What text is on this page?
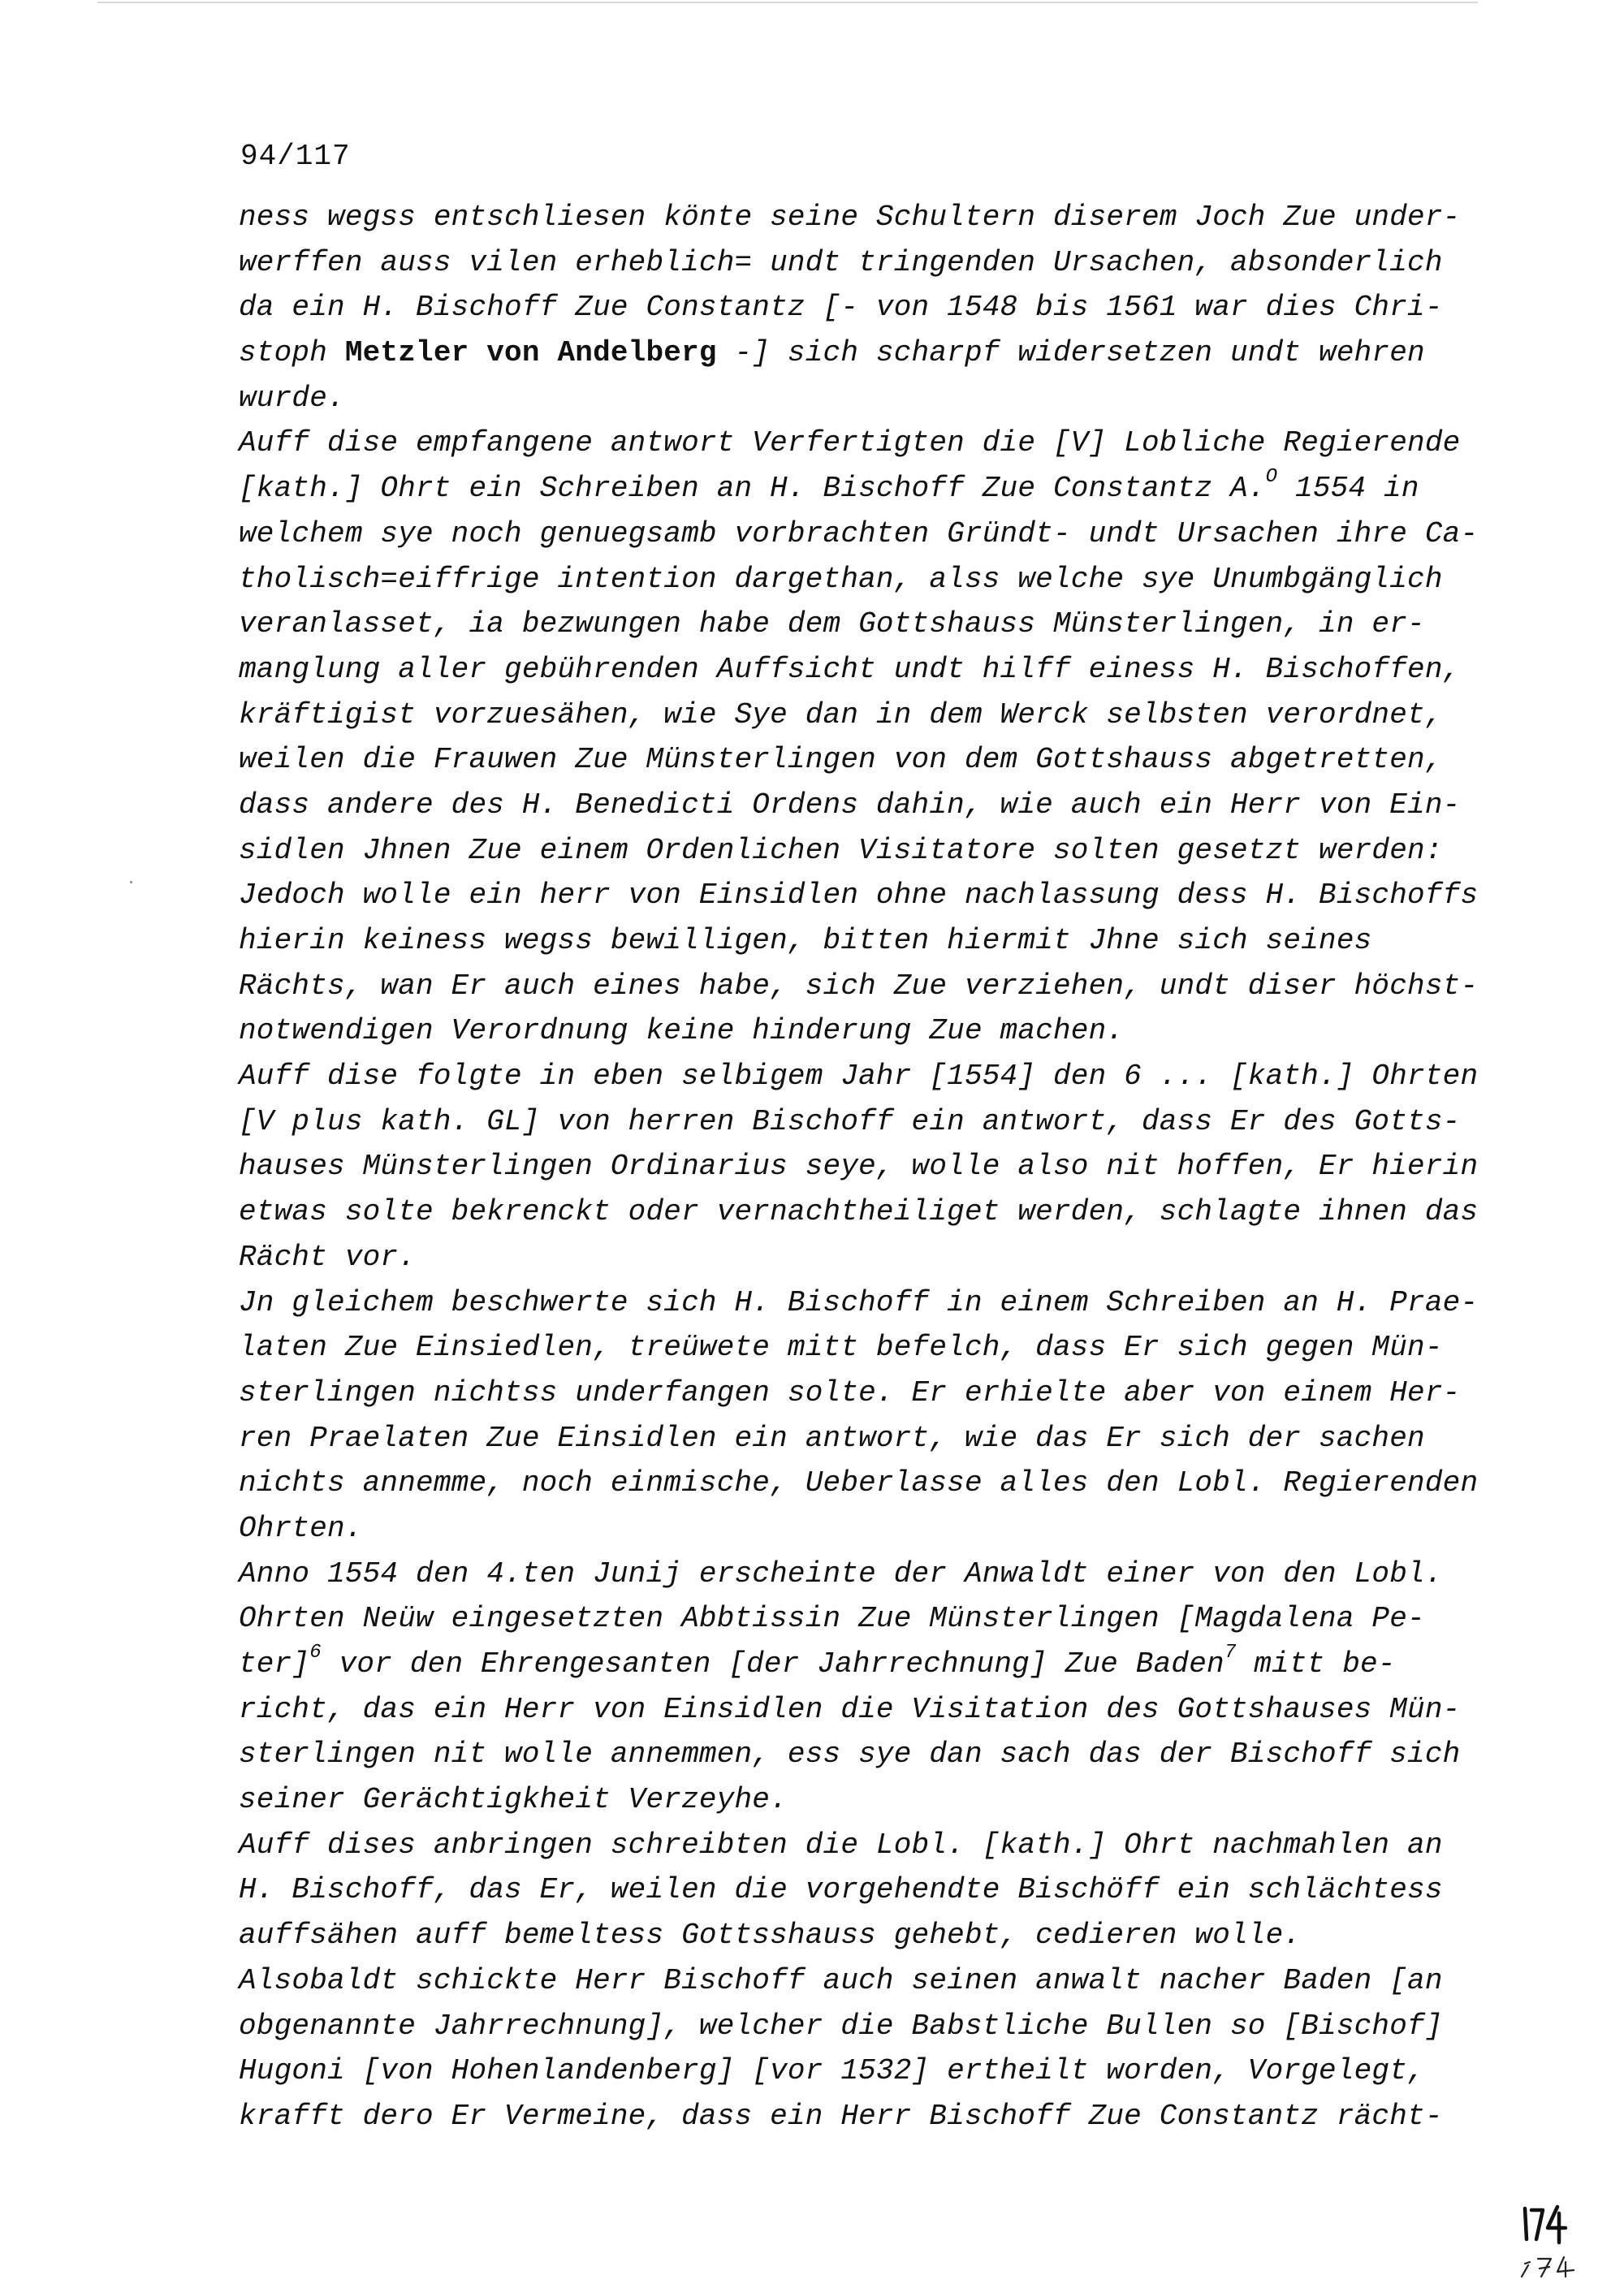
94/117
ness wegss entschliesen könte seine Schultern diserem Joch Zue under-
werffen auss vilen erheblich= undt tringenden Ursachen, absonderlich
da ein H. Bischoff Zue Constantz [- von 1548 bis 1561 war dies Chri-
stoph Metzler von Andelberg -] sich scharpf widersetzen undt wehren
wurde.
Auff dise empfangene antwort Verfertigten die [V] Lobliche Regierende
[kath.] Ohrt ein Schreiben an H. Bischoff Zue Constantz A.$^O$ 1554 in
welchem sye noch genuegsamb vorbrachten Gründt- undt Ursachen ihre Ca-
tholisch=eiffrige intention dargethan, alss welche sye Unumbgänglich
veranlasset, ia bezwungen habe dem Gottshauss Münsterlingen, in er-
manglung aller gebührenden Auffsicht undt hilff einess H. Bischoffen,
kräftigist vorzuesähen, wie Sye dan in dem Werck selbsten verordnet,
weilen die Frauwen Zue Münsterlingen von dem Gottshauss abgetretten,
dass andere des H. Benedicti Ordens dahin, wie auch ein Herr von Ein-
sidlen Jhnen Zue einem Ordenlichen Visitatore solten gesetzt werden:
Jedoch wolle ein herr von Einsidlen ohne nachlassung dess H. Bischoffs
hierin keiness wegss bewilligen, bitten hiermit Jhne sich seines
Rächts, wan Er auch eines habe, sich Zue verziehen, undt diser höchst-
notwendigen Verordnung keine hinderung Zue machen.
Auff dise folgte in eben selbigem Jahr [1554] den 6 ... [kath.] Ohrten
[V plus kath. GL] von herren Bischoff ein antwort, dass Er des Gotts-
hauses Münsterlingen Ordinarius seye, wolle also nit hoffen, Er hierin
etwas solte bekrenckt oder vernachtheiliget werden, schlagte ihnen das
Rächt vor.
Jn gleichem beschwerte sich H. Bischoff in einem Schreiben an H. Prae-
laten Zue Einsiedlen, treüwete mitt befelch, dass Er sich gegen Mün-
sterlingen nichtss underfangen solte. Er erhielte aber von einem Her-
ren Praelaten Zue Einsidlen ein antwort, wie das Er sich der sachen
nichts annemme, noch einmische, Ueberlasse alles den Lobl. Regierenden
Ohrten.
Anno 1554 den 4.ten Junij erscheinte der Anwaldt einer von den Lobl.
Ohrten Neüw eingesetzten Abbtissin Zue Münsterlingen [Magdalena Pe-
ter]$^6$ vor den Ehrengesanten [der Jahrrechnung] Zue Baden$^7$ mitt be-
richt, das ein Herr von Einsidlen die Visitation des Gottshauses Mün-
sterlingen nit wolle annemmen, ess sye dan sach das der Bischoff sich
seiner Gerächtigkheit Verzeyhe.
Auff dises anbringen schreibten die Lobl. [kath.] Ohrt nachmahlen an
H. Bischoff, das Er, weilen die vorgehendte Bischöff ein schlächtess
auffsähen auff bemeltess Gottsshauss gehebt, cedieren wolle.
Alsobaldt schickte Herr Bischoff auch seinen anwalt nacher Baden [an
obgenannte Jahrrechnung], welcher die Babstliche Bullen so [Bischof]
Hugoni [von Hohenlandenberg] [vor 1532] ertheilt worden, Vorgelegt,
krafft dero Er Vermeine, dass ein Herr Bischoff Zue Constantz rächt-
